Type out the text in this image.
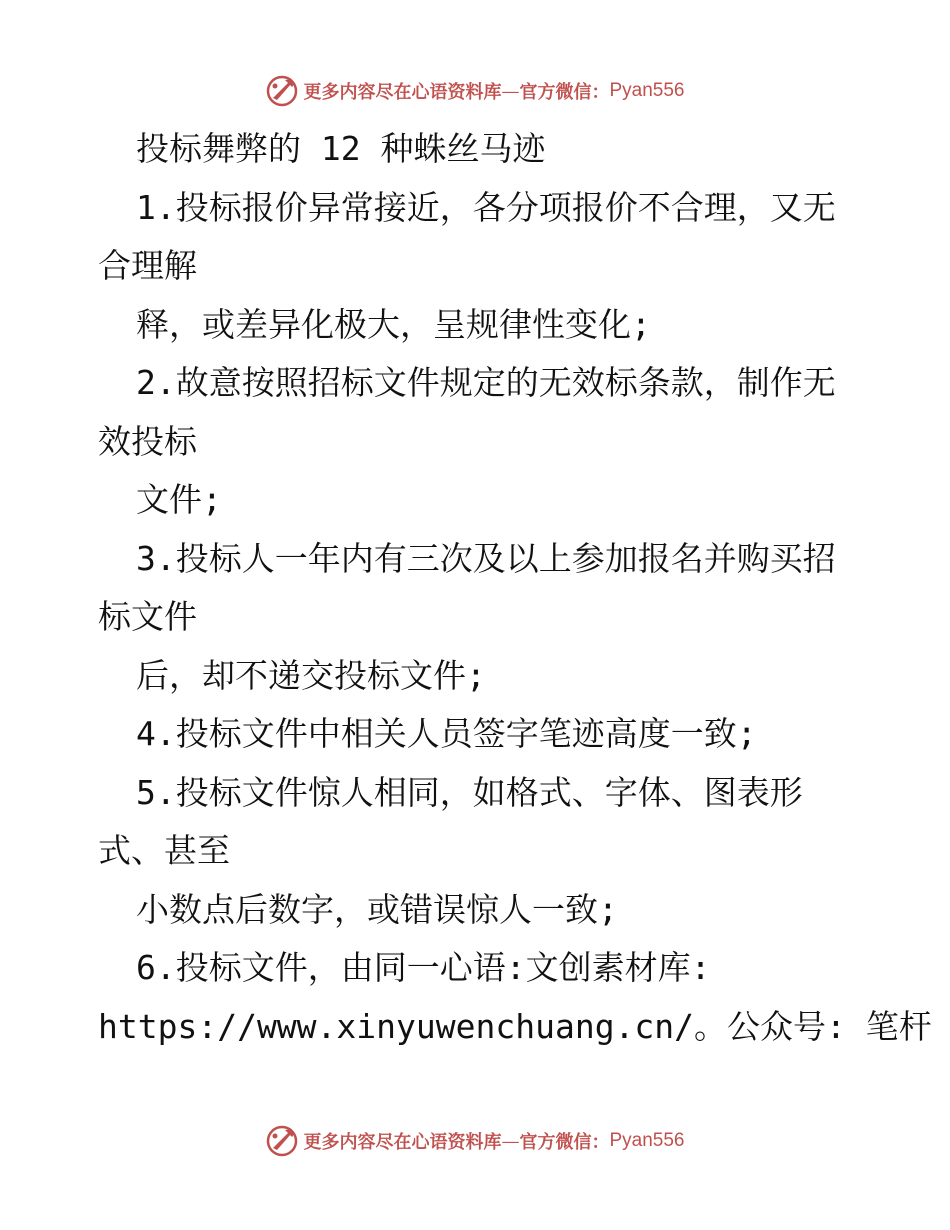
更多内容尽在心语资料库 — 官方微信： Pyan556
投标舞弊的 12 种蛛丝马迹
1.投标报价异常接近，各分项报价不合理，又无
合理解
释，或差异化极大，呈规律性变化;
2.故意按照招标文件规定的无效标条款，制作无
效投标
文件;
3.投标人一年内有三次及以上参加报名并购买招
标文件
后，却不递交投标文件;
4.投标文件中相关人员签字笔迹高度一致;
5.投标文件惊人相同，如格式、字体、图表形
式、甚至
小数点后数字，或错误惊人一致;
6.投标文件，由同一心语:文创素材库:
https://www.xinyuwenchuang.cn/。公众号: 笔杆
更多内容尽在心语资料库 — 官方微信： Pyan556
